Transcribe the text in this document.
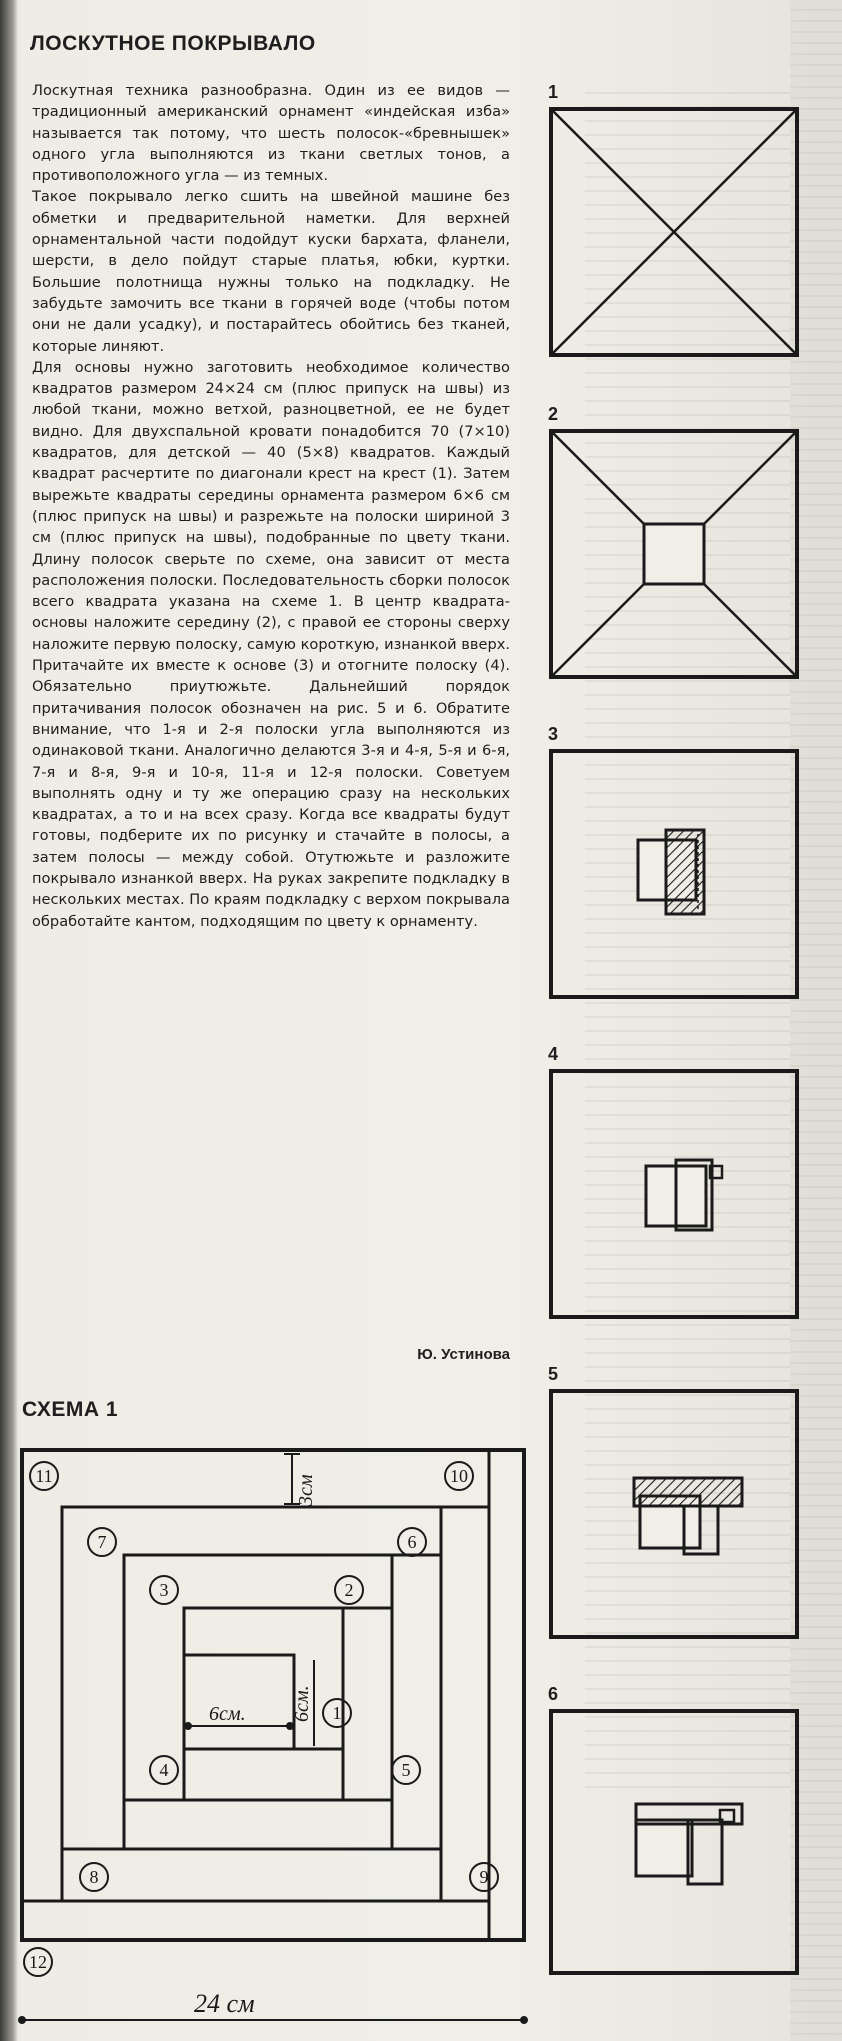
ЛОСКУТНОЕ ПОКРЫВАЛО

Лоскутная техника разнообразна. Один из ее видов — традиционный американский орнамент «индейская изба» называется так потому, что шесть полосок-«бревнышек» одного угла выполняются из ткани светлых тонов, а противоположного угла — из темных.

Такое покрывало легко сшить на швейной машине без обметки и предварительной наметки. Для верхней орнаментальной части подойдут куски бархата, фланели, шерсти, в дело пойдут старые платья, юбки, куртки. Большие полотнища нужны только на подкладку. Не забудьте замочить все ткани в горячей воде (чтобы потом они не дали усадку), и постарайтесь обойтись без тканей, которые линяют.

Для основы нужно заготовить необходимое количество квадратов размером 24×24 см (плюс припуск на швы) из любой ткани, можно ветхой, разноцветной, ее не будет видно. Для двухспальной кровати понадобится 70 (7×10) квадратов, для детской — 40 (5×8) квадратов. Каждый квадрат расчертите по диагонали крест на крест (1). Затем вырежьте квадраты середины орнамента размером 6×6 см (плюс припуск на швы) и разрежьте на полоски шириной 3 см (плюс припуск на швы), подобранные по цвету ткани. Длину полосок сверьте по схеме, она зависит от места расположения полоски. Последовательность сборки полосок всего квадрата указана на схеме 1. В центр квадрата-основы наложите середину (2), с правой ее стороны сверху наложите первую полоску, самую короткую, изнанкой вверх. Притачайте их вместе к основе (3) и отогните полоску (4). Обязательно приутюжьте. Дальнейший порядок притачивания полосок обозначен на рис. 5 и 6. Обратите внимание, что 1-я и 2-я полоски угла выполняются из одинаковой ткани. Аналогично делаются 3-я и 4-я, 5-я и 6-я, 7-я и 8-я, 9-я и 10-я, 11-я и 12-я полоски. Советуем выполнять одну и ту же операцию сразу на нескольких квадратах, а то и на всех сразу. Когда все квадраты будут готовы, подберите их по рисунку и стачайте в полосы, а затем полосы — между собой. Отутюжьте и разложите покрывало изнанкой вверх. На руках закрепите подкладку в нескольких местах. По краям подкладку с верхом покрывала обработайте кантом, подходящим по цвету к орнаменту.

Ю. Устинова
СХЕМА 1
3см
6см.
6см.
24 см
11	10
7	6
3	2
1
4	5
8	9
12
1
2
3
4
5
6
